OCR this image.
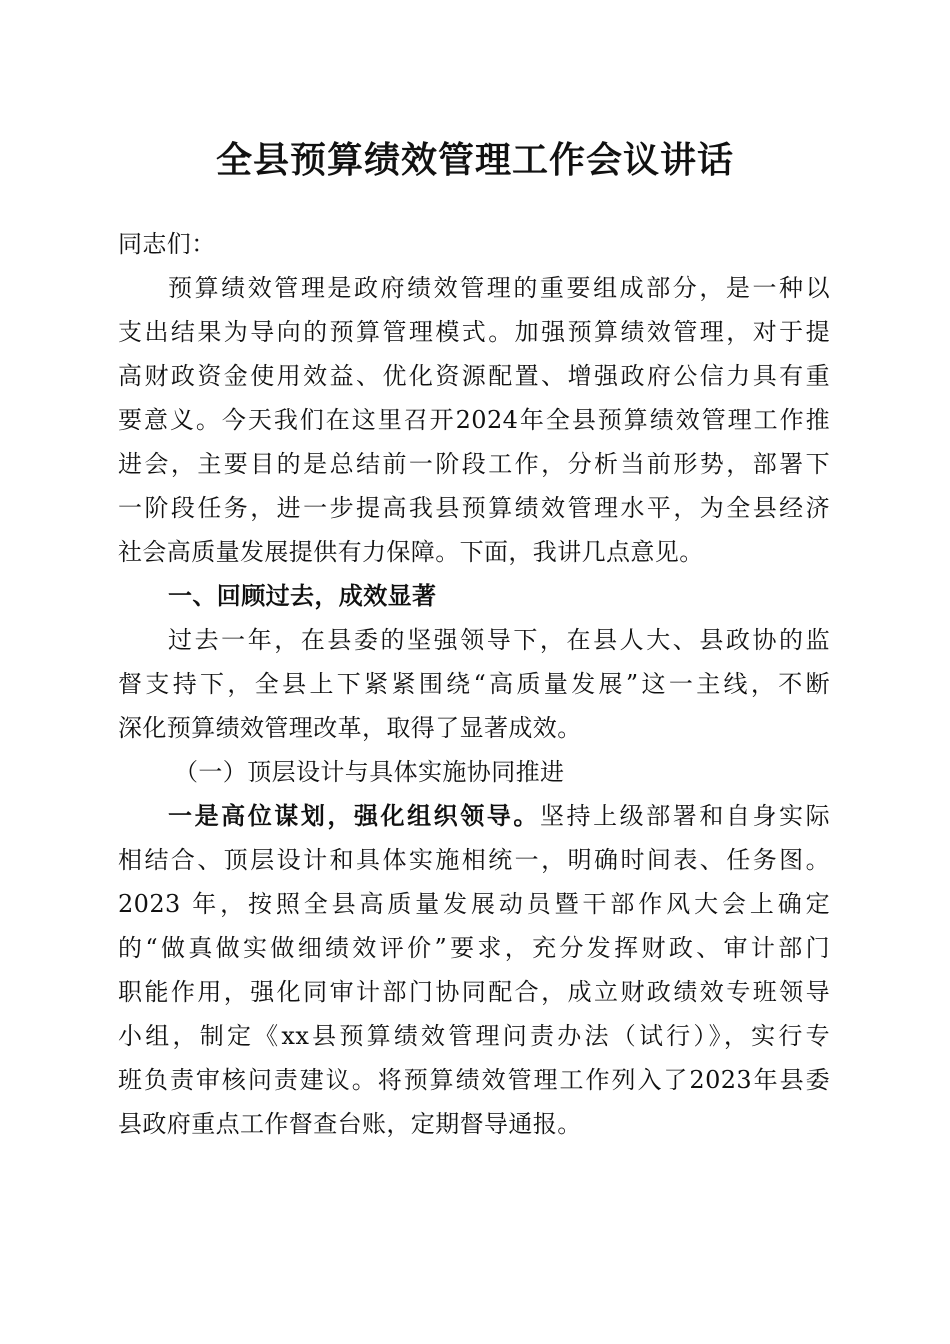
全县预算绩效管理工作会议讲话
同志们：
预算绩效管理是政府绩效管理的重要组成部分，是一种以
支出结果为导向的预算管理模式。加强预算绩效管理，对于提
高财政资金使用效益、优化资源配置、增强政府公信力具有重
要意义。今天我们在这里召开2024年全县预算绩效管理工作推
进会，主要目的是总结前一阶段工作，分析当前形势，部署下
一阶段任务，进一步提高我县预算绩效管理水平，为全县经济
社会高质量发展提供有力保障。下面，我讲几点意见。
一、回顾过去，成效显著
过去一年，在县委的坚强领导下，在县人大、县政协的监
督支持下，全县上下紧紧围绕“高质量发展”这一主线，不断
深化预算绩效管理改革，取得了显著成效。
（一）顶层设计与具体实施协同推进
一是高位谋划，强化组织领导。坚持上级部署和自身实际
相结合、顶层设计和具体实施相统一，明确时间表、任务图。
2023 年，按照全县高质量发展动员暨干部作风大会上确定
的“做真做实做细绩效评价”要求，充分发挥财政、审计部门
职能作用，强化同审计部门协同配合，成立财政绩效专班领导
小组，制定《xx县预算绩效管理问责办法（试行）》，实行专
班负责审核问责建议。将预算绩效管理工作列入了2023年县委
县政府重点工作督查台账，定期督导通报。
